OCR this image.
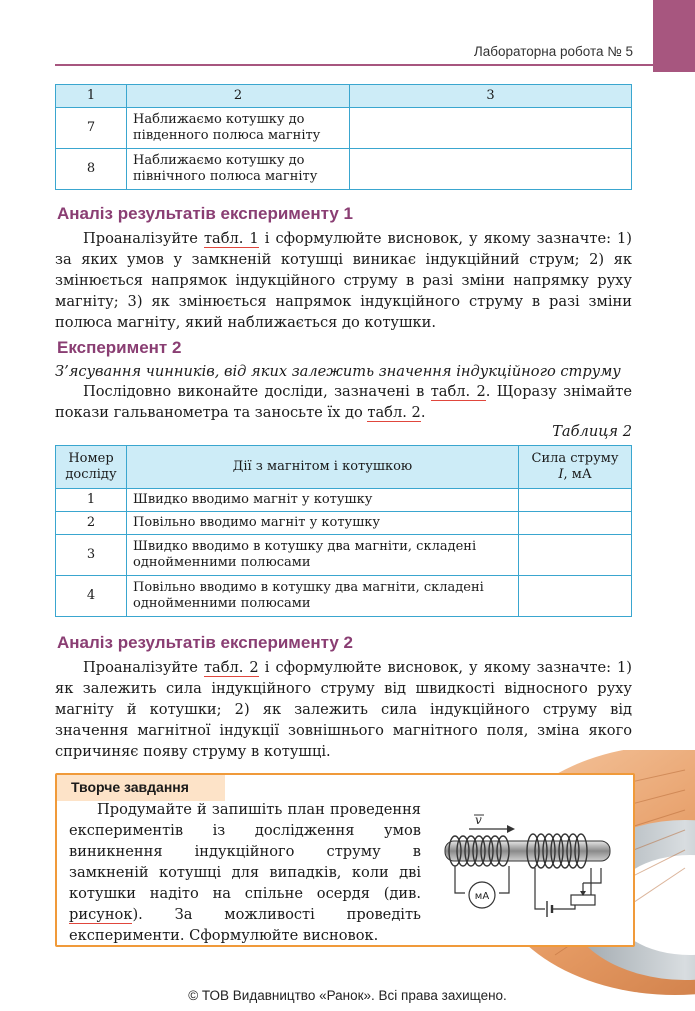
Лабораторна робота № 5
1	2	3
7	Наближаємо котушку до
південного полюса магніту	
8	Наближаємо котушку до
північного полюса магніту	
Аналіз результатів експерименту 1

Проаналізуйте табл. 1 і сформулюйте висновок, у якому зазначте: 1) за яких умов у замкненій котушці виникає індукційний струм; 2) як змінюється напрямок індукційного струму в разі зміни напрямку руху магніту; 3) як змінюється напрямок індукційного струму в разі зміни полюса магніту, який наближається до котушки.

Експеримент 2

З’ясування чинників, від яких залежить значення індукційного струму

Послідовно виконайте досліди, зазначені в табл. 2. Щоразу знімайте покази гальванометра та заносьте їх до табл. 2.

Таблиця 2

Номер
досліду	Дії з магнітом і котушкою	Сила струму
I, мА
1	Швидко вводимо магніт у котушку	
2	Повільно вводимо магніт у котушку	
3	Швидко вводимо в котушку два магніти, складені
однойменними полюсами	
4	Повільно вводимо в котушку два магніти, складені
однойменними полюсами	
Аналіз результатів експерименту 2

Проаналізуйте табл. 2 і сформулюйте висновок, у якому зазначте: 1) як залежить сила індукційного струму від швидкості відносного руху магніту й котушки; 2) як залежить сила індукційного струму від значення магнітної індукції зовнішнього магнітного поля, зміна якого спричиняє появу струму в котушці.

Творче завдання

Продумайте й запишіть план проведення експериментів із дослідження умов виникнення індукційного струму в замкненій котушці для випадків, коли дві котушки надіто на спільне осердя (див. рисунок). За можливості проведіть експерименти. Сформулюйте висновок.

v
мА
© ТОВ Видавництво «Ранок». Всі права захищено.
